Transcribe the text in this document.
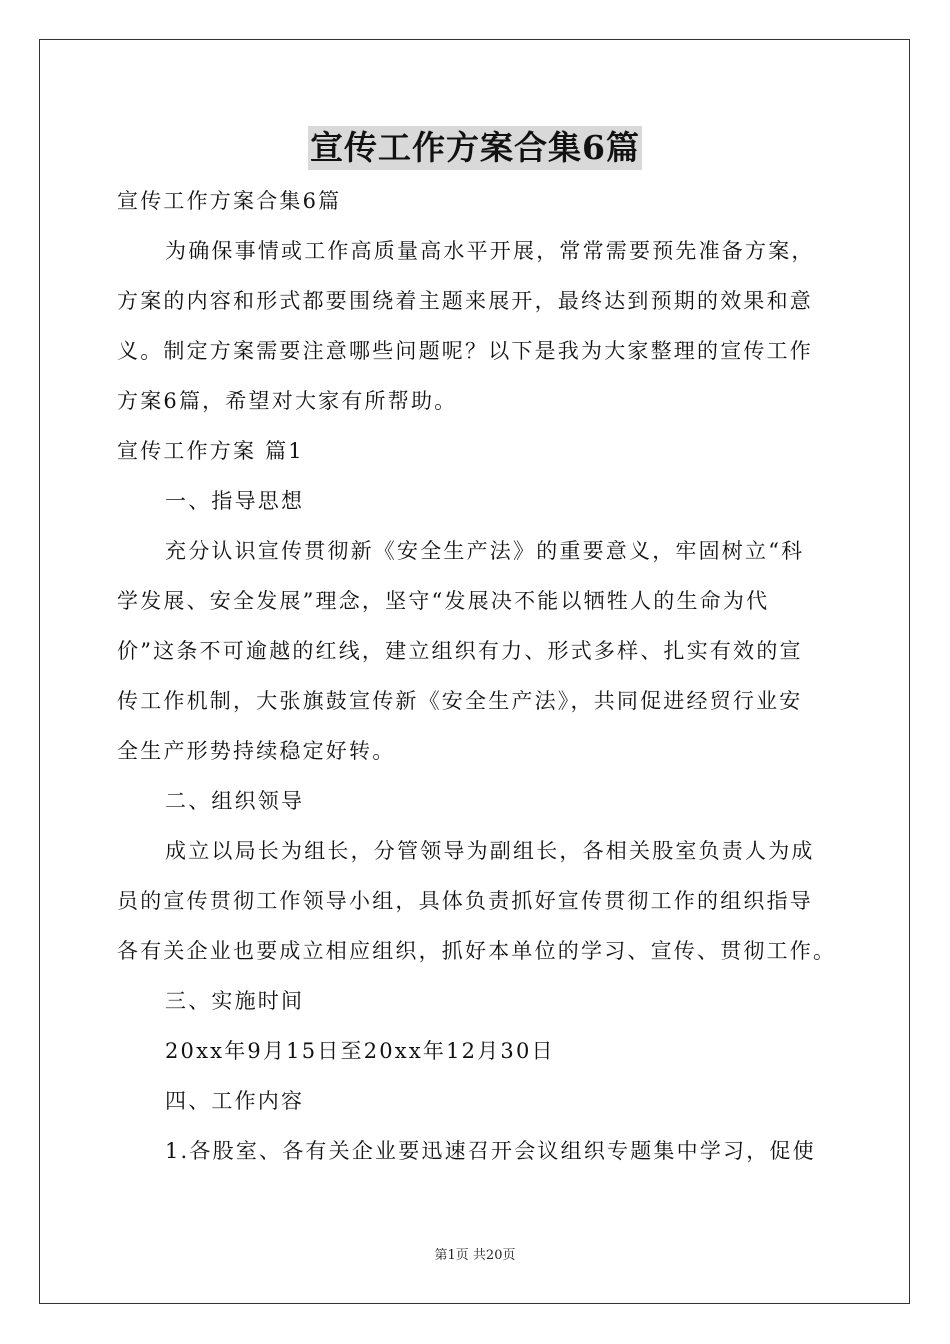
宣传工作方案合集6篇

宣传工作方案合集6篇

为确保事情或工作高质量高水平开展，常常需要预先准备方案，

方案的内容和形式都要围绕着主题来展开，最终达到预期的效果和意

义。制定方案需要注意哪些问题呢？以下是我为大家整理的宣传工作

方案6篇，希望对大家有所帮助。

宣传工作方案 篇1

一、指导思想

充分认识宣传贯彻新《安全生产法》的重要意义，牢固树立“科

学发展、安全发展”理念，坚守“发展决不能以牺牲人的生命为代

价”这条不可逾越的红线，建立组织有力、形式多样、扎实有效的宣

传工作机制，大张旗鼓宣传新《安全生产法》，共同促进经贸行业安

全生产形势持续稳定好转。

二、组织领导

成立以局长为组长，分管领导为副组长，各相关股室负责人为成

员的宣传贯彻工作领导小组，具体负责抓好宣传贯彻工作的组织指导

各有关企业也要成立相应组织，抓好本单位的学习、宣传、贯彻工作。

三、实施时间

20xx年9月15日至20xx年12月30日

四、工作内容

1.各股室、各有关企业要迅速召开会议组织专题集中学习，促使

第1页 共20页
